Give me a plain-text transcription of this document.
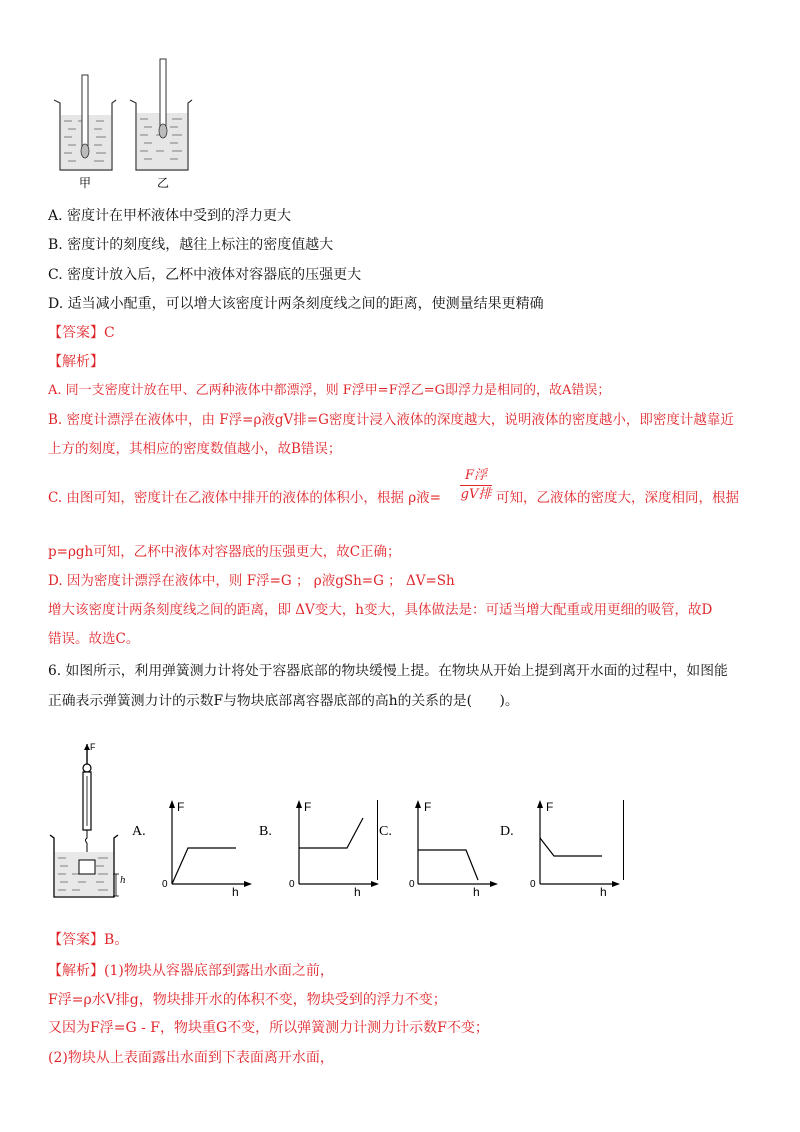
甲	乙
A. 密度计在甲杯液体中受到的浮力更大
B. 密度计的刻度线，越往上标注的密度值越大
C. 密度计放入后，乙杯中液体对容器底的压强更大
D. 适当减小配重，可以增大该密度计两条刻度线之间的距离，使测量结果更精确
【答案】C
【解析】
A. 同一支密度计放在甲、乙两种液体中都漂浮，则 F浮甲=F浮乙=G即浮力是相同的，故A错误；
B. 密度计漂浮在液体中，由 F浮=ρ液gV排=G密度计浸入液体的深度越大，说明液体的密度越小，即密度计越靠近
上方的刻度，其相应的密度数值越小，故B错误；
C. 由图可知，密度计在乙液体中排开的液体的体积小，根据 ρ液=
F浮
gV排 可知，乙液体的密度大，深度相同，根据
p=ρgh可知，乙杯中液体对容器底的压强更大，故C正确；
D. 因为密度计漂浮在液体中，则 F浮=G ； ρ液gSh=G ； ΔV=Sh
增大该密度计两条刻度线之间的距离，即 ΔV变大，h变大，具体做法是：可适当增大配重或用更细的吸管，故D
错误。故选C。
6. 如图所示，利用弹簧测力计将处于容器底部的物块缓慢上提。在物块从开始上提到离开水面的过程中，如图能
正确表示弹簧测力计的示数F与物块底部离容器底部的高h的关系的是(　　)。
F
h
A.
F
0
h
B.
F
0
h
C.
F
0
h
D.
F
0
h
【答案】B。
【解析】(1)物块从容器底部到露出水面之前，
F浮=ρ水V排g，物块排开水的体积不变，物块受到的浮力不变；
又因为F浮=G - F，物块重G不变，所以弹簧测力计测力计示数F不变；
(2)物块从上表面露出水面到下表面离开水面，
